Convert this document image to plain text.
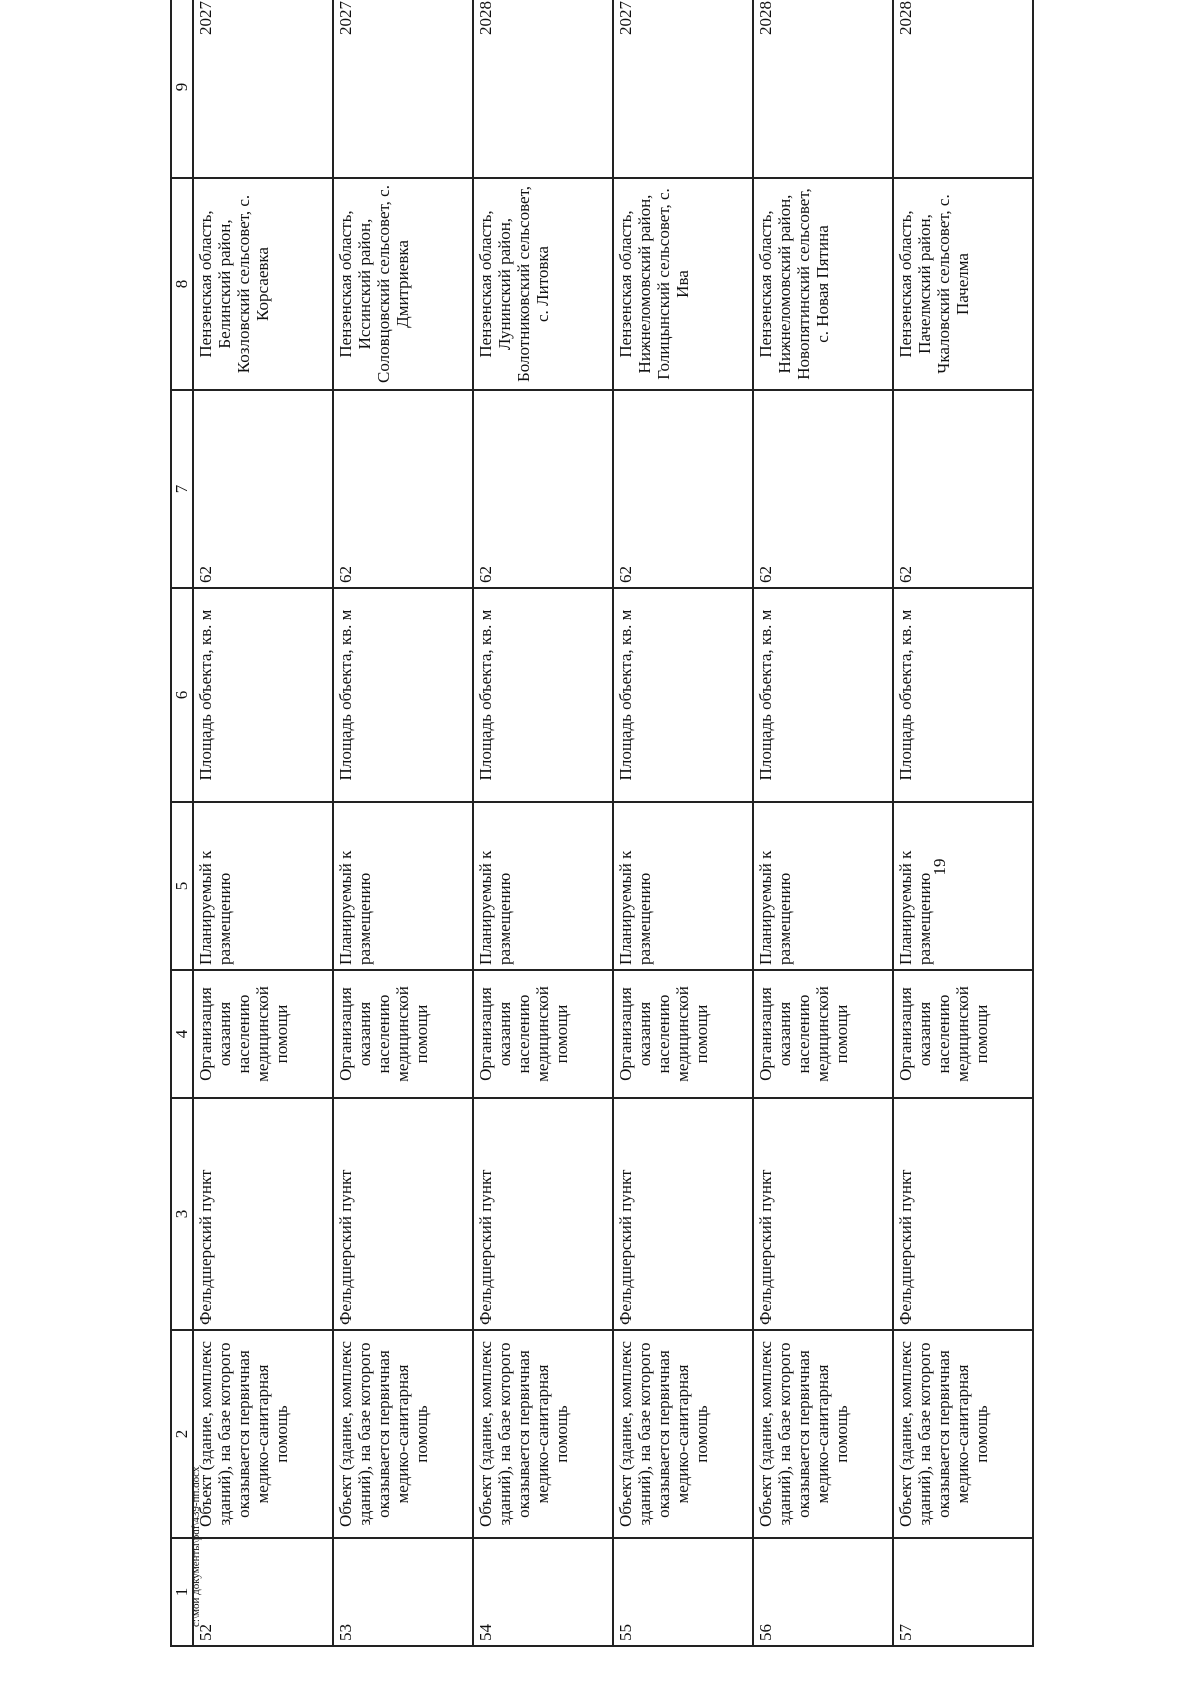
c:\мои документы\pdf\439-пп.docx
1	2	3	4	5	6	7	8	9
52	Объект (здание, комплекс зданий), на базе которого оказывается первичная медико-санитарная помощь	Фельдшерский пункт	Организация оказания населению медицинской помощи	Планируемый к размещению	Площадь объекта, кв. м	62	Пензенская область, Белинский район, Козловский сельсовет, с. Корсаевка	2027
53	Объект (здание, комплекс зданий), на базе которого оказывается первичная медико-санитарная помощь	Фельдшерский пункт	Организация оказания населению медицинской помощи	Планируемый к размещению	Площадь объекта, кв. м	62	Пензенская область, Иссинский район, Соловцовский сельсовет, с. Дмитриевка	2027
54	Объект (здание, комплекс зданий), на базе которого оказывается первичная медико-санитарная помощь	Фельдшерский пункт	Организация оказания населению медицинской помощи	Планируемый к размещению	Площадь объекта, кв. м	62	Пензенская область, Лунинский район, Болотниковский сельсовет, с. Литовка	2028
55	Объект (здание, комплекс зданий), на базе которого оказывается первичная медико-санитарная помощь	Фельдшерский пункт	Организация оказания населению медицинской помощи	Планируемый к размещению	Площадь объекта, кв. м	62	Пензенская область, Нижнеломовский район, Голицынский сельсовет, с. Ива	2027
56	Объект (здание, комплекс зданий), на базе которого оказывается первичная медико-санитарная помощь	Фельдшерский пункт	Организация оказания населению медицинской помощи	Планируемый к размещению	Площадь объекта, кв. м	62	Пензенская область, Нижнеломовский район, Новопятинский сельсовет, с. Новая Пятина	2028
57	Объект (здание, комплекс зданий), на базе которого оказывается первичная медико-санитарная помощь	Фельдшерский пункт	Организация оказания населению медицинской помощи	Планируемый к размещению	Площадь объекта, кв. м	62	Пензенская область, Пачелмский район, Чкаловский сельсовет, с. Пачелма	2028
19
